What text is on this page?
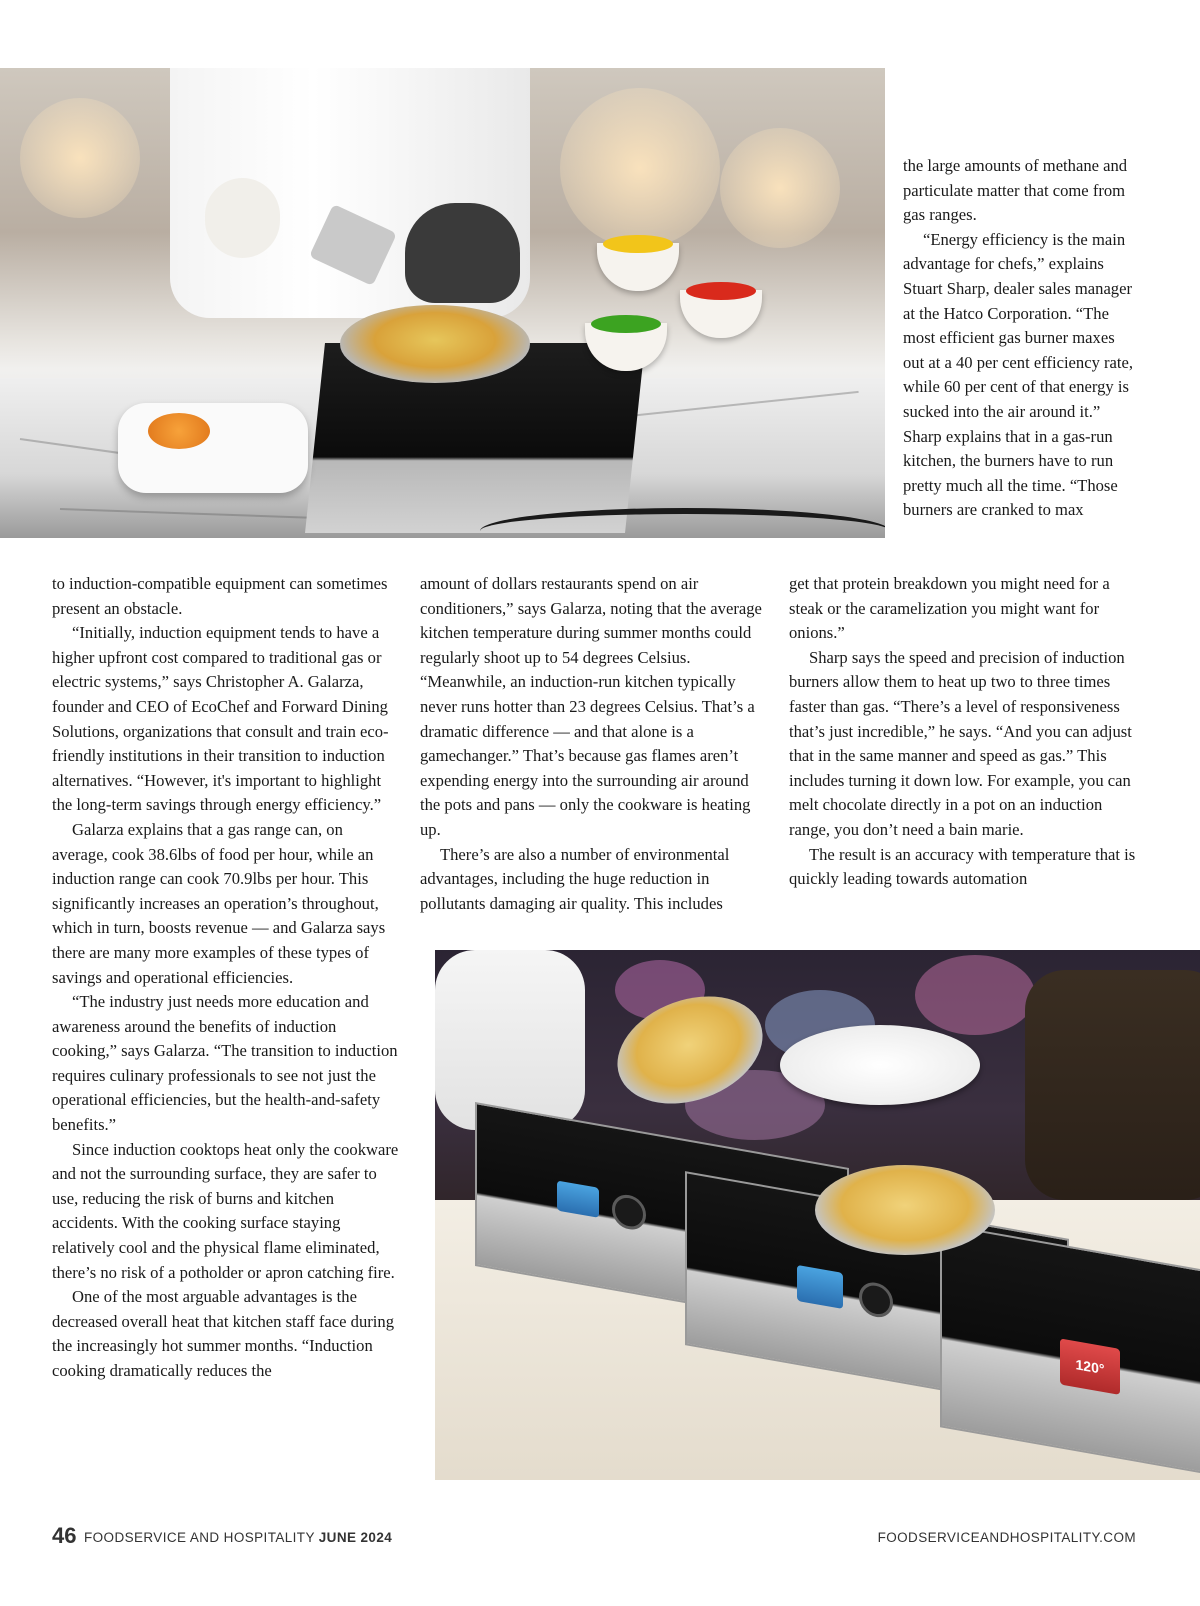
the large amounts of methane and particulate matter that come from gas ranges.

“Energy efficiency is the main advantage for chefs,” explains Stuart Sharp, dealer sales manager at the Hatco Corporation. “The most efficient gas burner maxes out at a 40 per cent efficiency rate, while 60 per cent of that energy is sucked into the air around it.” Sharp explains that in a gas-run kitchen, the burners have to run pretty much all the time. “Those burners are cranked to max

to induction-compatible equipment can sometimes present an obstacle.

“Initially, induction equipment tends to have a higher upfront cost compared to traditional gas or electric systems,” says Christopher A. Galarza, founder and CEO of EcoChef and Forward Dining Solutions, organizations that consult and train eco-friendly institutions in their transition to induction alternatives. “However, it's important to highlight the long-term savings through energy efficiency.”

Galarza explains that a gas range can, on average, cook 38.6lbs of food per hour, while an induction range can cook 70.9lbs per hour. This significantly increases an operation’s throughout, which in turn, boosts revenue — and Galarza says there are many more examples of these types of savings and operational efficiencies.

“The industry just needs more education and awareness around the benefits of induction cooking,” says Galarza. “The transition to induction requires culinary professionals to see not just the operational efficiencies, but the health-and-safety benefits.”

Since induction cooktops heat only the cookware and not the surrounding surface, they are safer to use, reducing the risk of burns and kitchen accidents. With the cooking surface staying relatively cool and the physical flame eliminated, there’s no risk of a potholder or apron catching fire.

One of the most arguable advantages is the decreased overall heat that kitchen staff face during the increasingly hot summer months. “Induction cooking dramatically reduces the

amount of dollars restaurants spend on air conditioners,” says Galarza, noting that the average kitchen temperature during summer months could regularly shoot up to 54 degrees Celsius. “Meanwhile, an induction-run kitchen typically never runs hotter than 23 degrees Celsius. That’s a dramatic difference — and that alone is a gamechanger.” That’s because gas flames aren’t expending energy into the surrounding air around the pots and pans — only the cookware is heating up.

There’s are also a number of environmental advantages, including the huge reduction in pollutants damaging air quality. This includes

get that protein breakdown you might need for a steak or the caramelization you might want for onions.”

Sharp says the speed and precision of induction burners allow them to heat up two to three times faster than gas. “There’s a level of responsiveness that’s just incredible,” he says. “And you can adjust that in the same manner and speed as gas.” This includes turning it down low. For example, you can melt chocolate directly in a pot on an induction range, you don’t need a bain marie.

The result is an accuracy with temperature that is quickly leading towards automation

120°
46 FOODSERVICE AND HOSPITALITY JUNE 2024	FOODSERVICEANDHOSPITALITY.COM
